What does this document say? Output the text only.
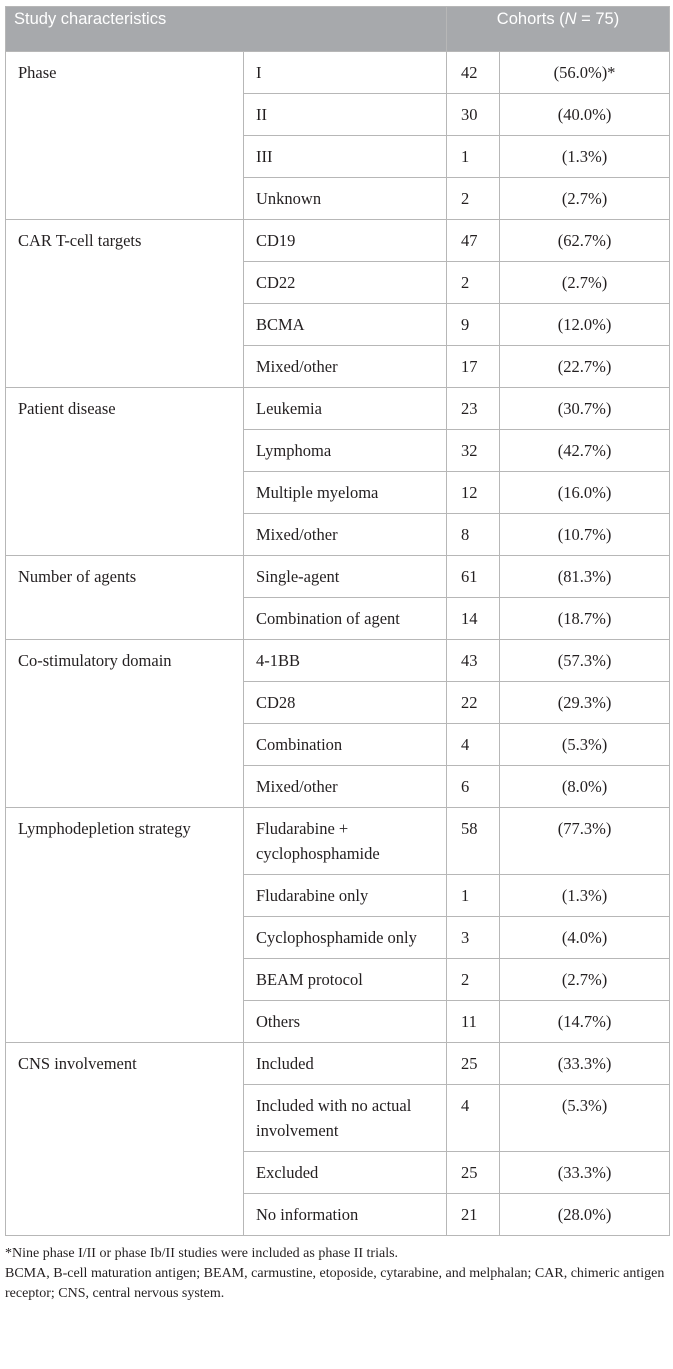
Study characteristics		Cohorts (N = 75)	
Phase	I	42	(56.0%)*
	II	30	(40.0%)
	III	1	(1.3%)
	Unknown	2	(2.7%)
CAR T-cell targets	CD19	47	(62.7%)
	CD22	2	(2.7%)
	BCMA	9	(12.0%)
	Mixed/other	17	(22.7%)
Patient disease	Leukemia	23	(30.7%)
	Lymphoma	32	(42.7%)
	Multiple myeloma	12	(16.0%)
	Mixed/other	8	(10.7%)
Number of agents	Single-agent	61	(81.3%)
	Combination of agent	14	(18.7%)
Co-stimulatory domain	4-1BB	43	(57.3%)
	CD28	22	(29.3%)
	Combination	4	(5.3%)
	Mixed/other	6	(8.0%)
Lymphodepletion strategy	Fludarabine + cyclophosphamide	58	(77.3%)
	Fludarabine only	1	(1.3%)
	Cyclophosphamide only	3	(4.0%)
	BEAM protocol	2	(2.7%)
	Others	11	(14.7%)
CNS involvement	Included	25	(33.3%)
	Included with no actual involvement	4	(5.3%)
	Excluded	25	(33.3%)
	No information	21	(28.0%)

*Nine phase I/II or phase Ib/II studies were included as phase II trials.

BCMA, B-cell maturation antigen; BEAM, carmustine, etoposide, cytarabine, and melphalan; CAR, chimeric antigen receptor; CNS, central nervous system.
